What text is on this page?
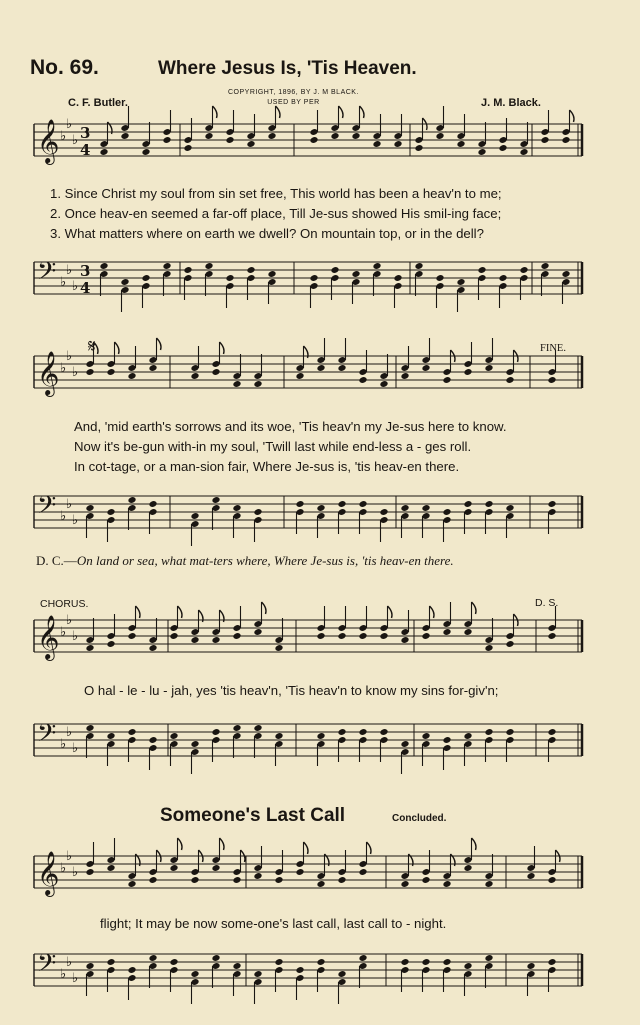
No. 69.	Where Jesus Is, 'Tis Heaven.
C. F. Butler.	J. M. Black.
COPYRIGHT, 1896, BY J. M BLACK.
USED BY PER
1. Since Christ my soul from sin set free, This world has been a heav'n to me;
2. Once heav-en seemed a far-off place, Till Je-sus showed His smil-ing face;
3. What matters where on earth we dwell? On mountain top, or in the dell?
FINE.
And, 'mid earth's sorrows and its woe, 'Tis heav'n my Je-sus here to know.
Now it's be-gun with-in my soul, 'Twill last while end-less a - ges roll.
In cot-tage, or a man-sion fair, Where Je-sus is, 'tis heav-en there.
D. C.—On land or sea, what mat-ters where, Where Je-sus is, 'tis heav-en there.
CHORUS.	D. S.
O hal - le - lu - jah, yes 'tis heav'n, 'Tis heav'n to know my sins for-giv'n;
Someone's Last Call	Concluded.
flight; It may be now some-one's last call, last call to - night.
𝄞 ♭
♭
♭ 3
4
𝄢 ♭
♭
♭
3
4
𝄞 ♭
♭
♭
𝄢 ♭
♭
♭
𝄞 ♭
♭
♭
𝄢 ♭
♭
♭
𝄞 ♭
♭
♭
𝄢 ♭
♭
♭
𝄋
